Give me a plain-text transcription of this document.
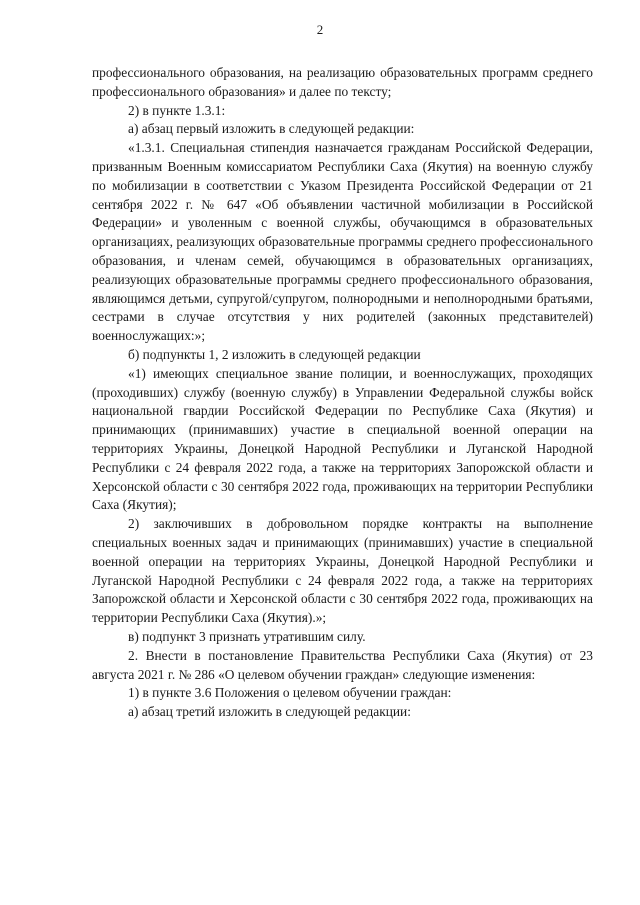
2

профессионального образования, на реализацию образовательных программ среднего профессионального образования» и далее по тексту;

2) в пункте 1.3.1:

а) абзац первый изложить в следующей редакции:

«1.3.1. Специальная стипендия назначается гражданам Российской Федерации, призванным Военным комиссариатом Республики Саха (Якутия) на военную службу по мобилизации в соответствии с Указом Президента Российской Федерации от 21 сентября 2022 г. № 647 «Об объявлении частичной мобилизации в Российской Федерации» и уволенным с военной службы, обучающимся в образовательных организациях, реализующих образовательные программы среднего профессионального образования, и членам семей, обучающимся в образовательных организациях, реализующих образовательные программы среднего профессионального образования, являющимся детьми, супругой/супругом, полнородными и неполнородными братьями, сестрами в случае отсутствия у них родителей (законных представителей) военнослужащих:»;

б) подпункты 1, 2 изложить в следующей редакции

«1) имеющих специальное звание полиции, и военнослужащих, проходящих (проходивших) службу (военную службу) в Управлении Федеральной службы войск национальной гвардии Российской Федерации по Республике Саха (Якутия) и принимающих (принимавших) участие в специальной военной операции на территориях Украины, Донецкой Народной Республики и Луганской Народной Республики с 24 февраля 2022 года, а также на территориях Запорожской области и Херсонской области с 30 сентября 2022 года, проживающих на территории Республики Саха (Якутия);

2) заключивших в добровольном порядке контракты на выполнение специальных военных задач и принимающих (принимавших) участие в специальной военной операции на территориях Украины, Донецкой Народной Республики и Луганской Народной Республики с 24 февраля 2022 года, а также на территориях Запорожской области и Херсонской области с 30 сентября 2022 года, проживающих на территории Республики Саха (Якутия).»;

в) подпункт 3 признать утратившим силу.

2. Внести в постановление Правительства Республики Саха (Якутия) от 23 августа 2021 г. № 286 «О целевом обучении граждан» следующие изменения:

1) в пункте 3.6 Положения о целевом обучении граждан:

а) абзац третий изложить в следующей редакции:
